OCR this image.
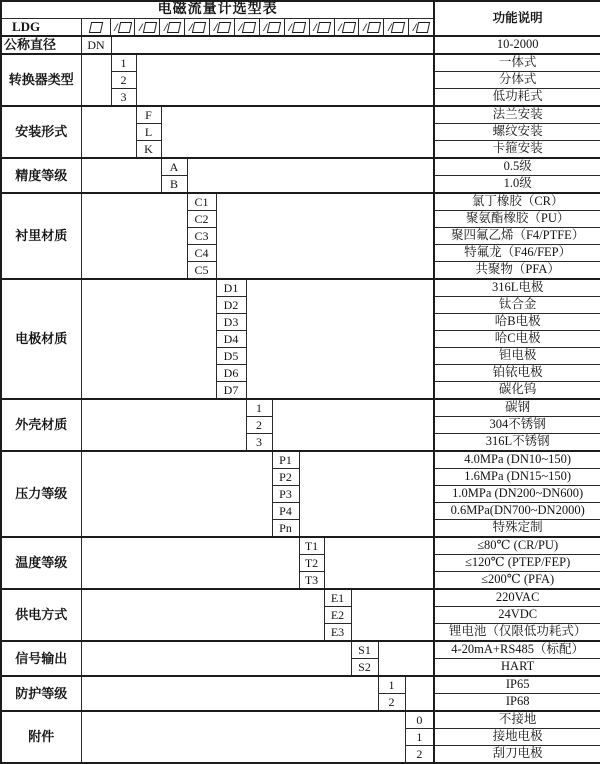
电磁流量计选型表														功能说明
LDG	/ / / / / / / / / / / / /

公称直径	DN													10-2000
转换器类型		1												一体式
		2												分体式
		3												低功耗式
安装形式			F											法兰安装
			L											螺纹安装
			K											卡箍安装
精度等级				A										0.5级
				B										1.0级
衬里材质					C1									氯丁橡胶（CR）
					C2									聚氨酯橡胶（PU）
					C3									聚四氟乙烯（F4/PTFE）
					C4									特氟龙（F46/FEP）
					C5									共聚物（PFA）
电极材质						D1								316L电极
						D2								钛合金
						D3								哈B电极
						D4								哈C电极
						D5								钽电极
						D6								铂铱电极
						D7								碳化钨
外壳材质							1							碳钢
							2							304不锈钢
							3							316L不锈钢
压力等级								P1						4.0MPa (DN10~150)
								P2						1.6MPa (DN15~150)
								P3						1.0MPa (DN200~DN600)
								P4						0.6MPa(DN700~DN2000)
								Pn						特殊定制
温度等级									T1					≤80℃ (CR/PU)
									T2					≤120℃ (PTEP/FEP)
									T3					≤200℃ (PFA)
供电方式										E1				220VAC
										E2				24VDC
										E3				锂电池（仅限低功耗式）
信号输出											S1			4-20mA+RS485（标配）
											S2			HART
防护等级												1		IP65
												2		IP68
附件													0	不接地
													1	接地电极
													2	刮刀电极
